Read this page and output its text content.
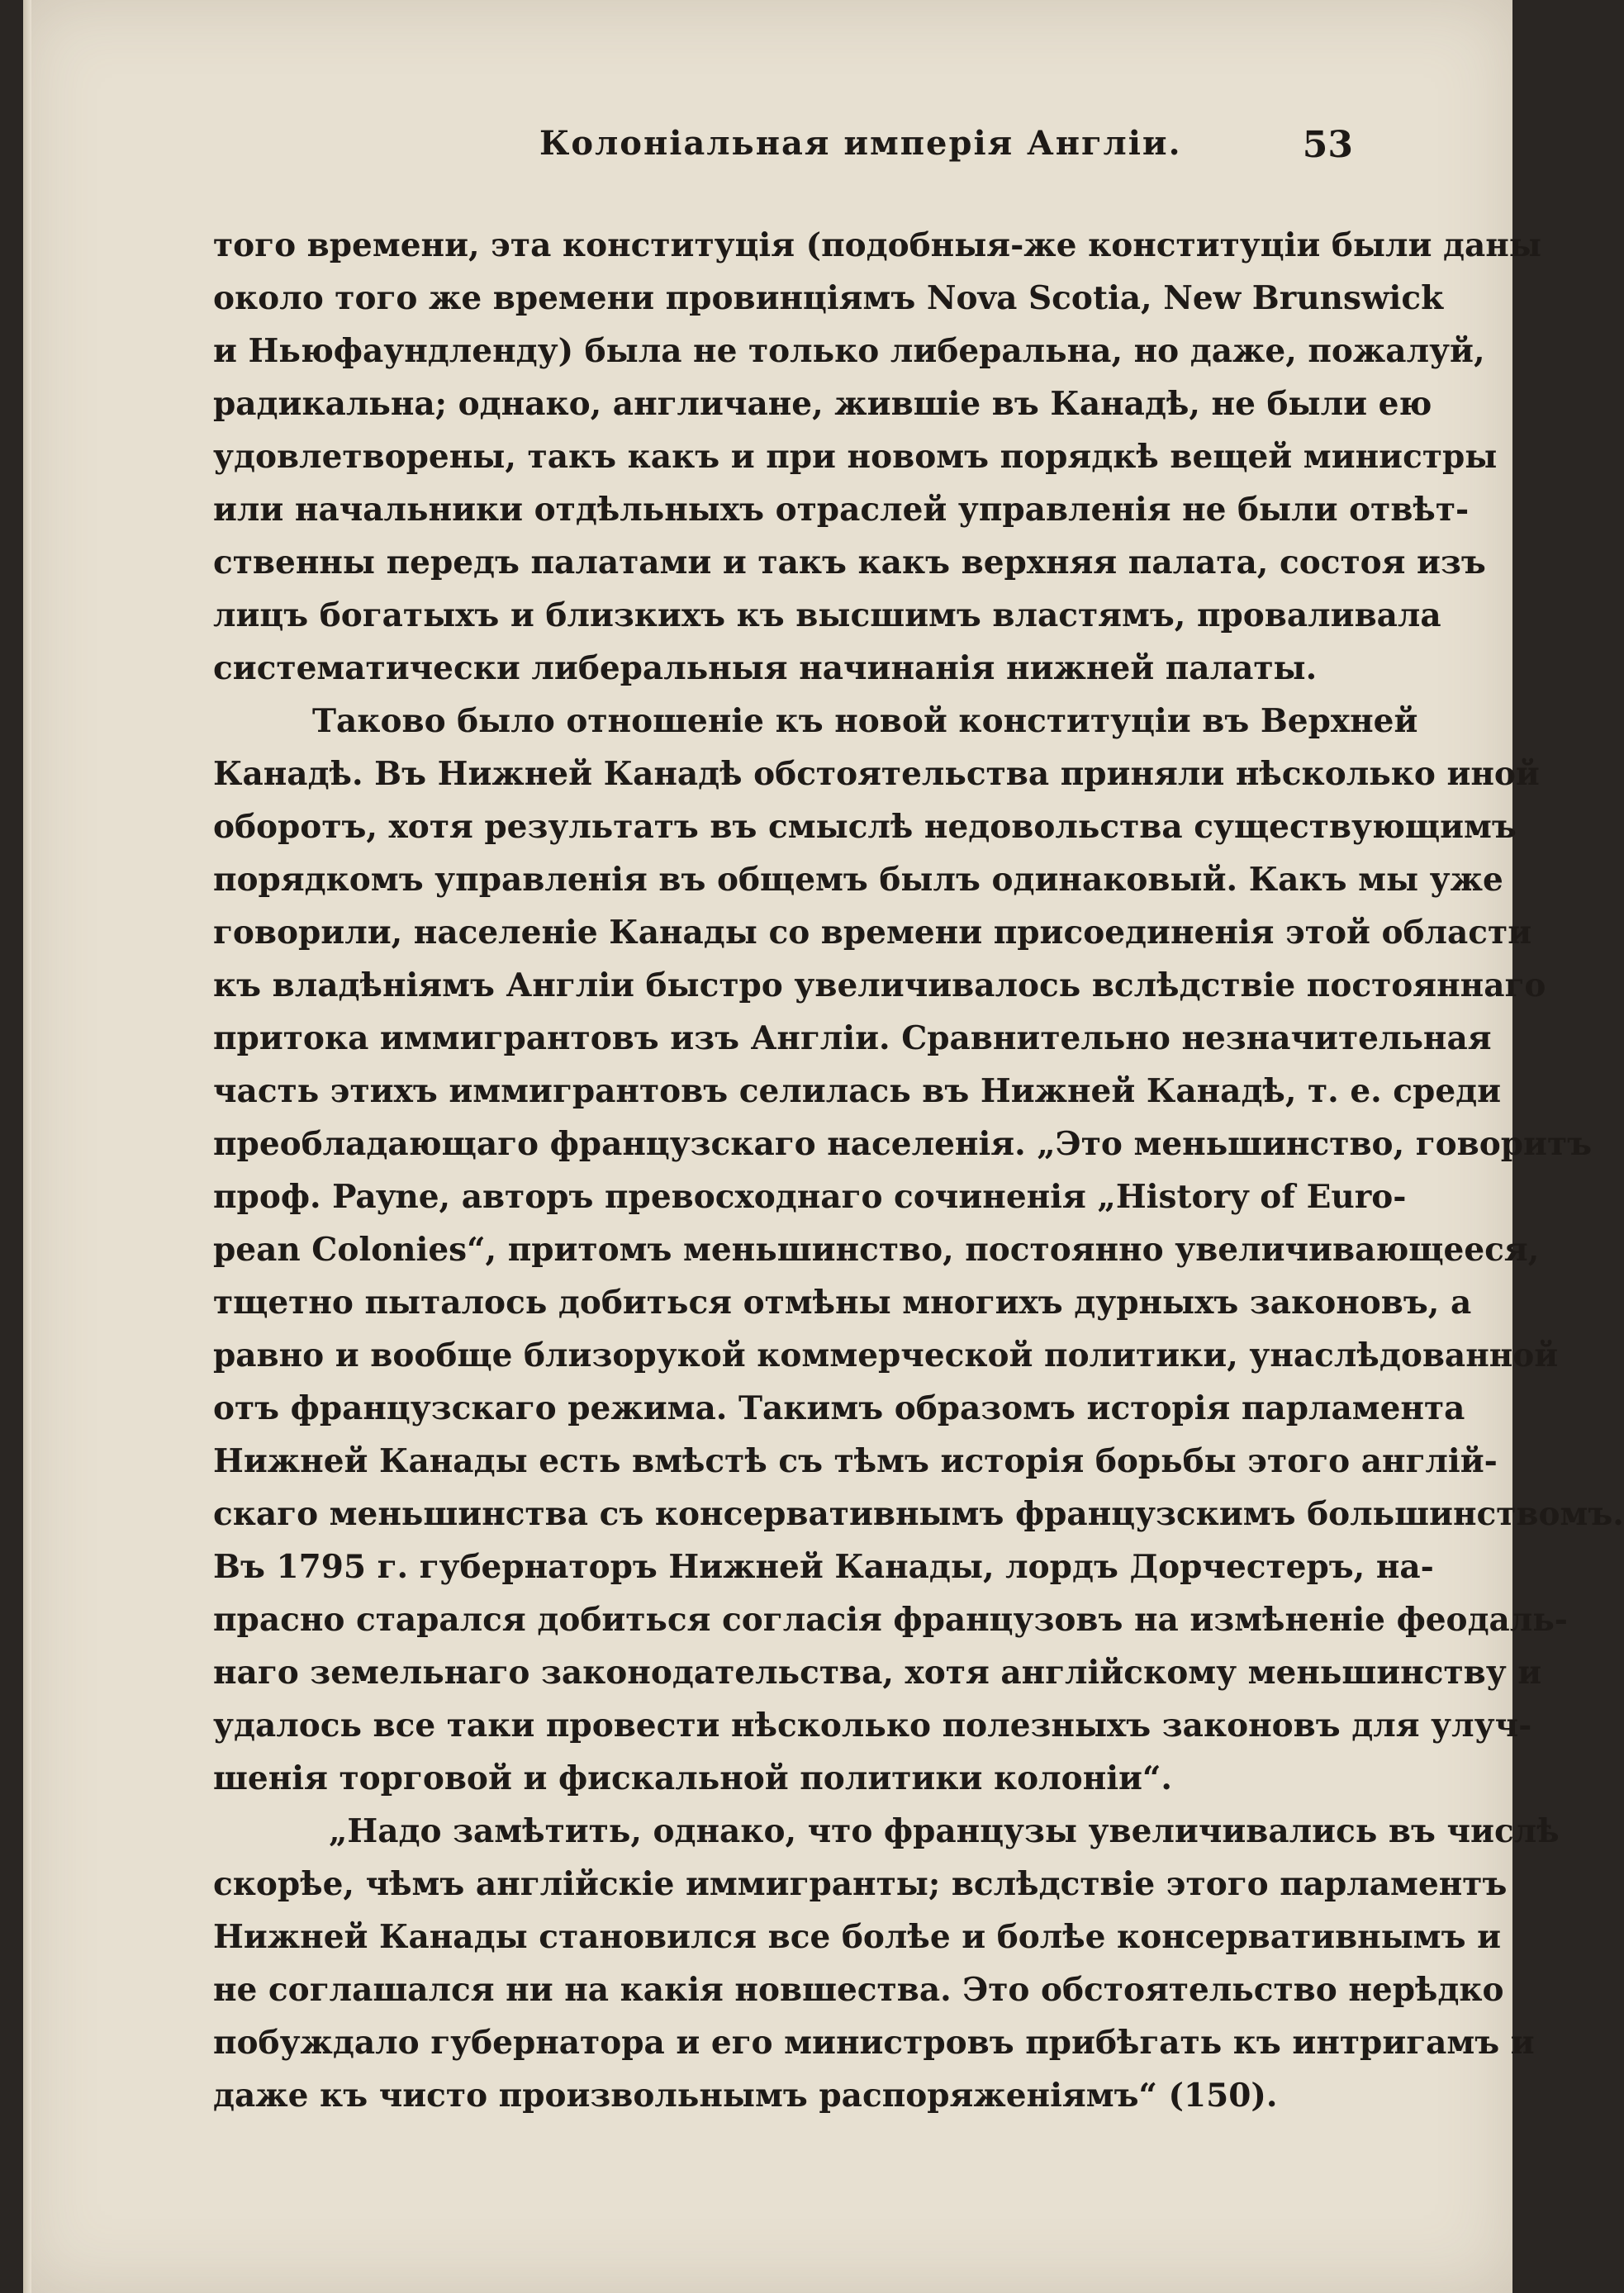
Колоніальная имперія Англіи.	53
того времени, эта конституція (подобныя-же конституціи были даны
около того же времени провинціямъ Nova Scotia, New Brunswick
и Ньюфаундленду) была не только либеральна, но даже, пожалуй,
радикальна; однако, англичане, жившіе въ Канадѣ, не были ею
удовлетворены, такъ какъ и при новомъ порядкѣ вещей министры
или начальники отдѣльныхъ отраслей управленія не были отвѣт-
ственны передъ палатами и такъ какъ верхняя палата, состоя изъ
лицъ богатыхъ и близкихъ къ высшимъ властямъ, проваливала
систематически либеральныя начинанія нижней палаты.
Таково было отношеніе къ новой конституціи въ Верхней
Канадѣ. Въ Нижней Канадѣ обстоятельства приняли нѣсколько иной
оборотъ, хотя результатъ въ смыслѣ недовольства существующимъ
порядкомъ управленія въ общемъ былъ одинаковый. Какъ мы уже
говорили, населеніе Канады со времени присоединенія этой области
къ владѣніямъ Англіи быстро увеличивалось вслѣдствіе постояннаго
притока иммигрантовъ изъ Англіи. Сравнительно незначительная
часть этихъ иммигрантовъ селилась въ Нижней Канадѣ, т. е. среди
преобладающаго французскаго населенія. „Это меньшинство, говоритъ
проф. Payne, авторъ превосходнаго сочиненія „History of Euro-
pean Colonies“, притомъ меньшинство, постоянно увеличивающееся,
тщетно пыталось добиться отмѣны многихъ дурныхъ законовъ, а
равно и вообще близорукой коммерческой политики, унаслѣдованной
отъ французскаго режима. Такимъ образомъ исторія парламента
Нижней Канады есть вмѣстѣ съ тѣмъ исторія борьбы этого англій-
скаго меньшинства съ консервативнымъ французскимъ большинствомъ.
Въ 1795 г. губернаторъ Нижней Канады, лордъ Дорчестеръ, на-
прасно старался добиться согласія французовъ на измѣненіе феодаль-
наго земельнаго законодательства, хотя англійскому меньшинству и
удалось все таки провести нѣсколько полезныхъ законовъ для улуч-
шенія торговой и фискальной политики колоніи“.
„Надо замѣтить, однако, что французы увеличивались въ числѣ
скорѣе, чѣмъ англійскіе иммигранты; вслѣдствіе этого парламентъ
Нижней Канады становился все болѣе и болѣе консервативнымъ и
не соглашался ни на какія новшества. Это обстоятельство нерѣдко
побуждало губернатора и его министровъ прибѣгать къ интригамъ и
даже къ чисто произвольнымъ распоряженіямъ“ (150).
